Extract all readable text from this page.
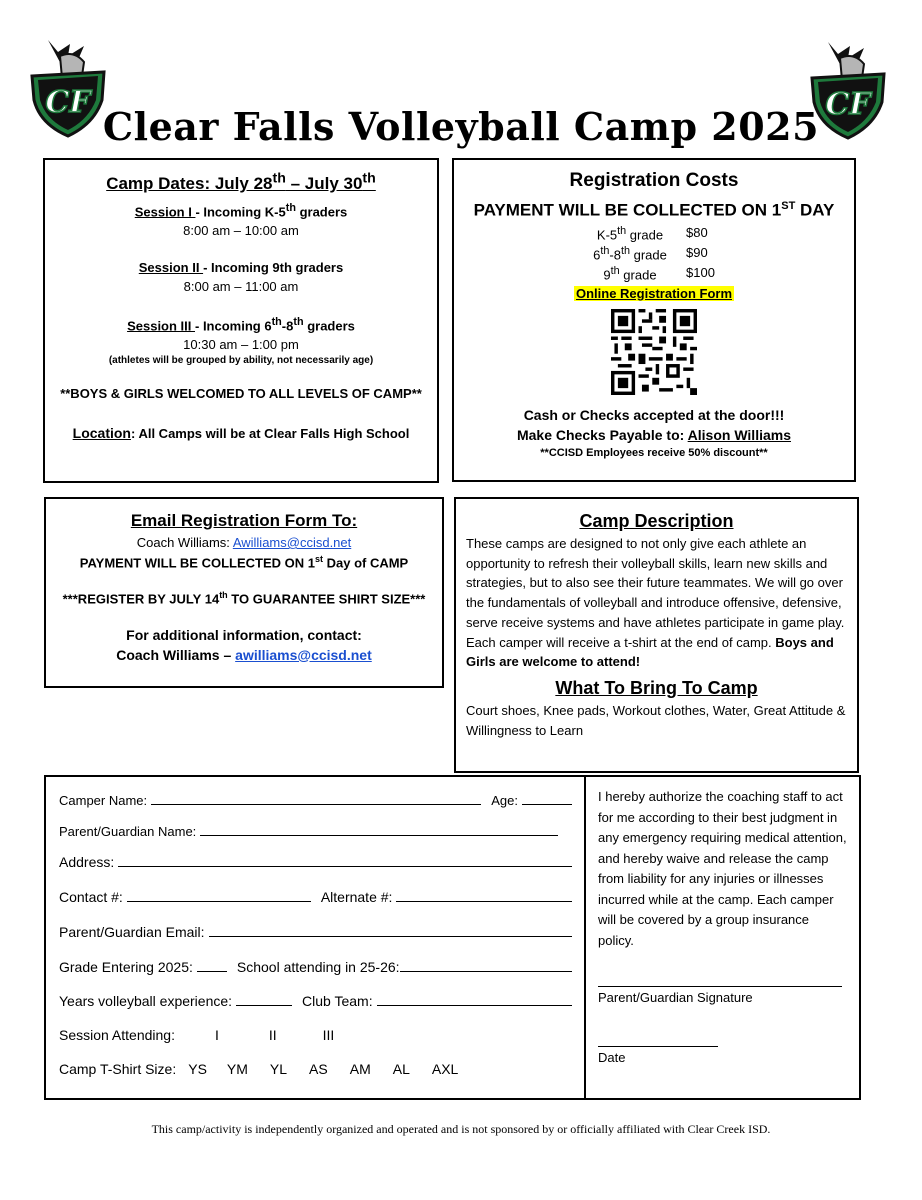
CF	CF
Clear Falls Volleyball Camp 2025
Camp Dates: July 28th – July 30th
Session I - Incoming K-5th graders
8:00 am – 10:00 am
Session II - Incoming 9th graders
8:00 am – 11:00 am
Session III - Incoming 6th-8th graders
10:30 am – 1:00 pm
(athletes will be grouped by ability, not necessarily age)
**BOYS & GIRLS WELCOMED TO ALL LEVELS OF CAMP**
Location: All Camps will be at Clear Falls High School
Registration Costs
PAYMENT WILL BE COLLECTED ON 1ST DAY
K-5th grade	$80
6th-8th grade	$90
9th grade	$100
Online Registration Form
Cash or Checks accepted at the door!!!
Make Checks Payable to: Alison Williams
**CCISD Employees receive 50% discount**
Email Registration Form To:
Coach Williams: Awilliams@ccisd.net
PAYMENT WILL BE COLLECTED ON 1st Day of CAMP
***REGISTER BY JULY 14th TO GUARANTEE SHIRT SIZE***
For additional information, contact:
Coach Williams – awilliams@ccisd.net
Camp Description
These camps are designed to not only give each athlete an opportunity to refresh their volleyball skills, learn new skills and strategies, but to also see their future teammates. We will go over the fundamentals of volleyball and introduce offensive, defensive, serve receive systems and have athletes participate in game play. Each camper will receive a t-shirt at the end of camp. Boys and Girls are welcome to attend!
What To Bring To Camp
Court shoes, Knee pads, Workout clothes, Water, Great Attitude & Willingness to Learn
Camper Name:	Age:
Parent/Guardian Name:
Address:
Contact #:	Alternate #:
Parent/Guardian Email:
Grade Entering 2025:	School attending in 25-26:
Years volleyball experience:	Club Team:
Session Attending:	I	II	III
Camp T-Shirt Size: YS YM YL AS AM AL AXL
I hereby authorize the coaching staff to act for me according to their best judgment in any emergency requiring medical attention, and hereby waive and release the camp from liability for any injuries or illnesses incurred while at the camp. Each camper will be covered by a group insurance policy.
Parent/Guardian Signature
Date
This camp/activity is independently organized and operated and is not sponsored by or officially affiliated with Clear Creek ISD.
